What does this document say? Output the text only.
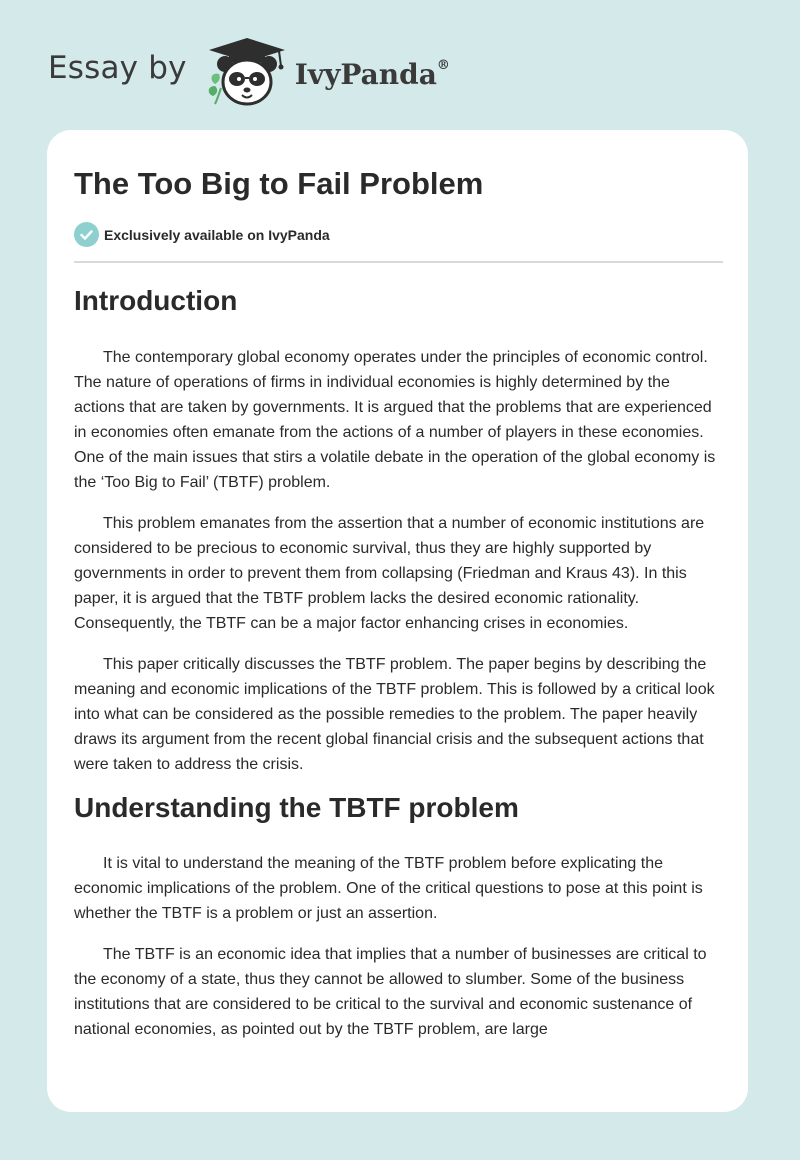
Essay by	IvyPanda®
The Too Big to Fail Problem
Exclusively available on IvyPanda
Introduction

The contemporary global economy operates under the principles of economic control. The nature of operations of firms in individual economies is highly determined by the actions that are taken by governments. It is argued that the problems that are experienced in economies often emanate from the actions of a number of players in these economies. One of the main issues that stirs a volatile debate in the operation of the global economy is the ‘Too Big to Fail’ (TBTF) problem.

This problem emanates from the assertion that a number of economic institutions are considered to be precious to economic survival, thus they are highly supported by governments in order to prevent them from collapsing (Friedman and Kraus 43). In this paper, it is argued that the TBTF problem lacks the desired economic rationality. Consequently, the TBTF can be a major factor enhancing crises in economies.

This paper critically discusses the TBTF problem. The paper begins by describing the meaning and economic implications of the TBTF problem. This is followed by a critical look into what can be considered as the possible remedies to the problem. The paper heavily draws its argument from the recent global financial crisis and the subsequent actions that were taken to address the crisis.

Understanding the TBTF problem

It is vital to understand the meaning of the TBTF problem before explicating the economic implications of the problem. One of the critical questions to pose at this point is whether the TBTF is a problem or just an assertion.

The TBTF is an economic idea that implies that a number of businesses are critical to the economy of a state, thus they cannot be allowed to slumber. Some of the business institutions that are considered to be critical to the survival and economic sustenance of national economies, as pointed out by the TBTF problem, are large
